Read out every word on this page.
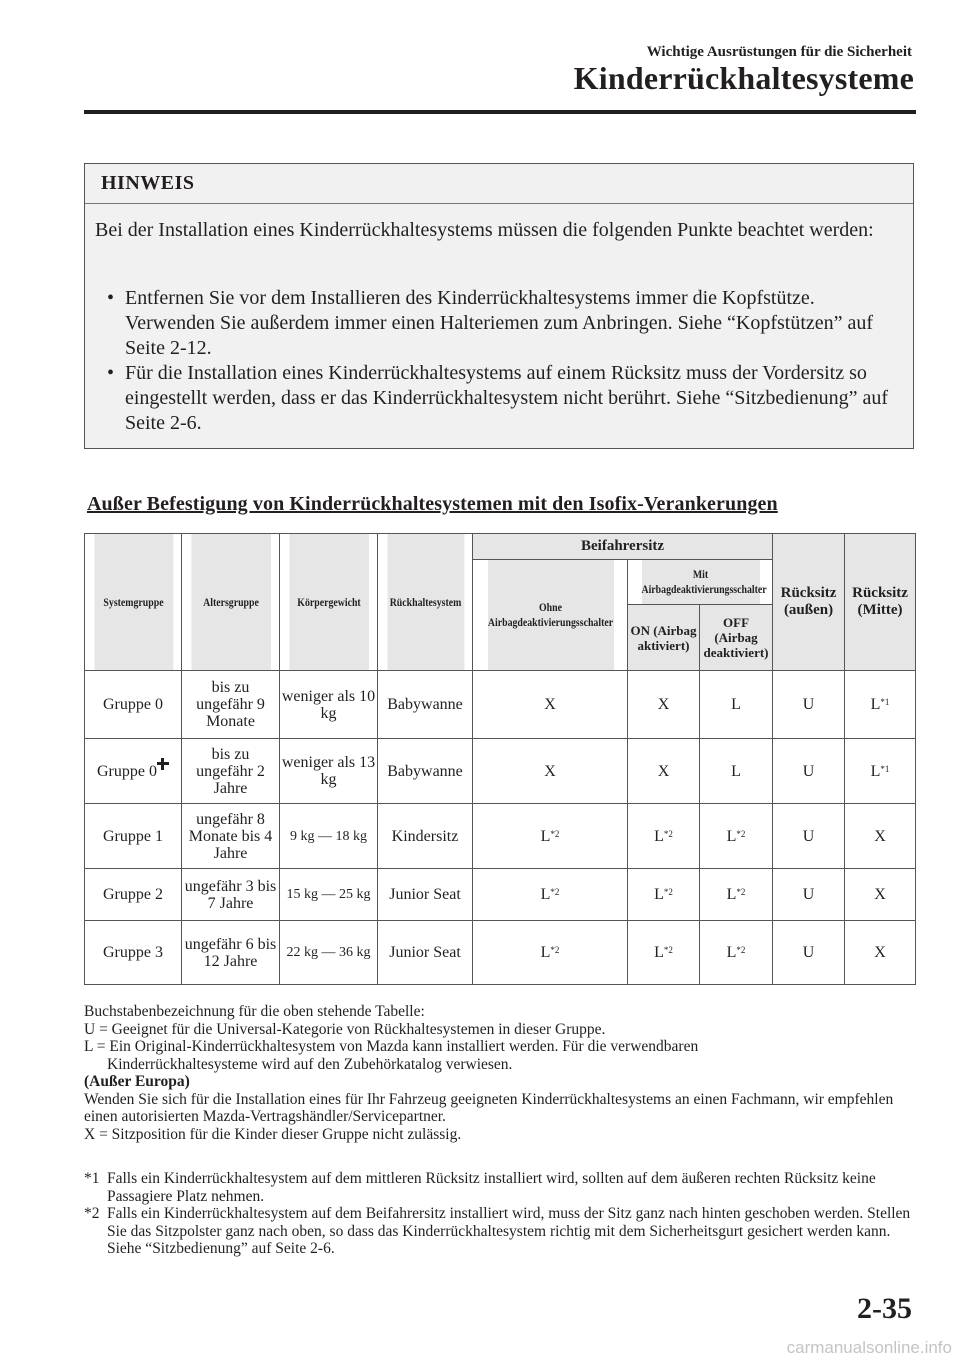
Wichtige Ausrüstungen für die Sicherheit
Kinderrückhaltesysteme
HINWEIS
Bei der Installation eines Kinderrückhaltesystems müssen die folgenden Punkte beachtet werden:
• Entfernen Sie vor dem Installieren des Kinderrückhaltesystems immer die Kopfstütze. Verwenden Sie außerdem immer einen Halteriemen zum Anbringen. Siehe “Kopfstützen” auf Seite 2-12.
• Für die Installation eines Kinderrückhaltesystems auf einem Rücksitz muss der Vordersitz so eingestellt werden, dass er das Kinderrückhaltesystem nicht berührt. Siehe “Sitzbedienung” auf Seite 2-6.
Außer Befestigung von Kinderrückhaltesystemen mit den Isofix-Verankerungen
Systemgruppe	Altersgruppe	Körpergewicht	Rückhaltesystem	Beifahrersitz			Rücksitz (außen)	Rücksitz (Mitte)
				Ohne Airbagdeaktivierungsschalter	Mit Airbagdeaktivierungsschalter			
					ON (Airbag aktiviert)	OFF (Airbag deaktiviert)		
Gruppe 0	bis zu ungefähr 9 Monate	weniger als 10 kg	Babywanne	X	X	L	U	$L^{*1}$
Gruppe 0	bis zu ungefähr 2 Jahre	weniger als 13 kg	Babywanne	X	X	L	U	$L^{*1}$
Gruppe 1	ungefähr 8 Monate bis 4 Jahre	9 kg — 18 kg	Kindersitz	$L^{*2}$	$L^{*2}$	$L^{*2}$	U	X
Gruppe 2	ungefähr 3 bis 7 Jahre	15 kg — 25 kg	Junior Seat	$L^{*2}$	$L^{*2}$	$L^{*2}$	U	X
Gruppe 3	ungefähr 6 bis 12 Jahre	22 kg — 36 kg	Junior Seat	$L^{*2}$	$L^{*2}$	$L^{*2}$	U	X

Buchstabenbezeichnung für die oben stehende Tabelle:

U = Geeignet für die Universal-Kategorie von Rückhaltesystemen in dieser Gruppe.

L = Ein Original-Kinderrückhaltesystem von Mazda kann installiert werden. Für die verwendbaren

Kinderrückhaltesysteme wird auf den Zubehörkatalog verwiesen.

(Außer Europa)

Wenden Sie sich für die Installation eines für Ihr Fahrzeug geeigneten Kinderrückhaltesystems an einen Fachmann, wir empfehlen einen autorisierten Mazda-Vertragshändler/Servicepartner.

X = Sitzposition für die Kinder dieser Gruppe nicht zulässig.

*1 Falls ein Kinderrückhaltesystem auf dem mittleren Rücksitz installiert wird, sollten auf dem äußeren rechten Rücksitz keine Passagiere Platz nehmen.

*2 Falls ein Kinderrückhaltesystem auf dem Beifahrersitz installiert wird, muss der Sitz ganz nach hinten geschoben werden. Stellen Sie das Sitzpolster ganz nach oben, so dass das Kinderrückhaltesystem richtig mit dem Sicherheitsgurt gesichert werden kann.

Siehe “Sitzbedienung” auf Seite 2-6.

2-35
carmanualsonline.info
